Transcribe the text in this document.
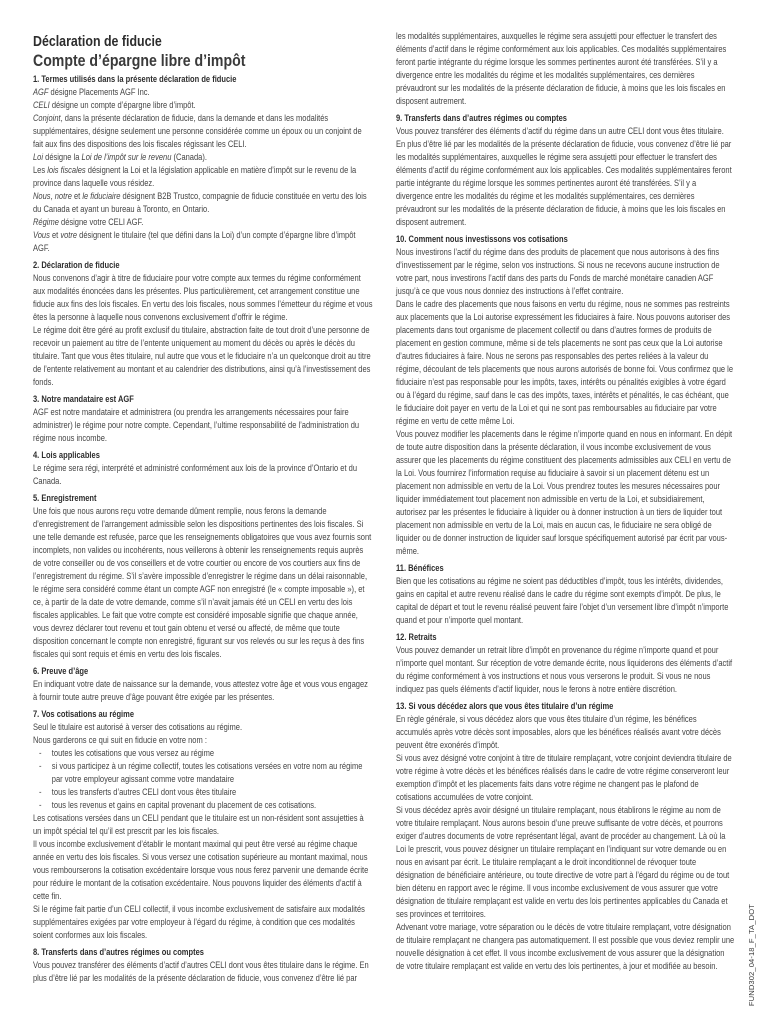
Déclaration de fiducie
Compte d’épargne libre d’impôt
1. Termes utilisés dans la présente déclaration de fiducie

AGF désigne Placements AGF Inc.

CELI désigne un compte d’épargne libre d’impôt.

Conjoint, dans la présente déclaration de fiducie, dans la demande et dans les modalités supplémentaires, désigne seulement une personne considérée comme un époux ou un conjoint de fait aux fins des dispositions des lois fiscales régissant les CELI.

Loi désigne la Loi de l’impôt sur le revenu (Canada).

Les lois fiscales désignent la Loi et la législation applicable en matière d’impôt sur le revenu de la province dans laquelle vous résidez.

Nous, notre et le fiduciaire désignent B2B Trustco, compagnie de fiducie constituée en vertu des lois du Canada et ayant un bureau à Toronto, en Ontario.

Régime désigne votre CELI AGF.

Vous et votre désignent le titulaire (tel que défini dans la Loi) d’un compte d’épargne libre d’impôt AGF.

2. Déclaration de fiducie

Nous convenons d’agir à titre de fiduciaire pour votre compte aux termes du régime conformément aux modalités énoncées dans les présentes. Plus particulièrement, cet arrangement constitue une fiducie aux fins des lois fiscales. En vertu des lois fiscales, nous sommes l’émetteur du régime et vous êtes la personne à laquelle nous convenons exclusivement d’offrir le régime.

Le régime doit être géré au profit exclusif du titulaire, abstraction faite de tout droit d’une personne de recevoir un paiement au titre de l’entente uniquement au moment du décès ou après le décès du titulaire. Tant que vous êtes titulaire, nul autre que vous et le fiduciaire n’a un quelconque droit au titre de l’entente relativement au montant et au calendrier des distributions, ainsi qu’à l’investissement des fonds.

3. Notre mandataire est AGF

AGF est notre mandataire et administrera (ou prendra les arrangements nécessaires pour faire administrer) le régime pour notre compte. Cependant, l’ultime responsabilité de l’administration du régime nous incombe.

4. Lois applicables

Le régime sera régi, interprété et administré conformément aux lois de la province d’Ontario et du Canada.

5. Enregistrement

Une fois que nous aurons reçu votre demande dûment remplie, nous ferons la demande d’enregistrement de l’arrangement admissible selon les dispositions pertinentes des lois fiscales. Si une telle demande est refusée, parce que les renseignements obligatoires que vous avez fournis sont incomplets, non valides ou incohérents, nous veillerons à obtenir les renseignements requis auprès de votre conseiller ou de vos conseillers et de votre courtier ou encore de vos courtiers aux fins de l’enregistrement du régime. S’il s’avère impossible d’enregistrer le régime dans un délai raisonnable, le régime sera considéré comme étant un compte AGF non enregistré (le « compte imposable »), et ce, à partir de la date de votre demande, comme s’il n’avait jamais été un CELI en vertu des lois fiscales applicables. Le fait que votre compte est considéré imposable signifie que chaque année, vous devrez déclarer tout revenu et tout gain obtenu et versé ou affecté, de même que toute disposition concernant le compte non enregistré, figurant sur vos relevés ou sur les reçus à des fins fiscales qui sont requis et émis en vertu des lois fiscales.

6. Preuve d’âge

En indiquant votre date de naissance sur la demande, vous attestez votre âge et vous vous engagez à fournir toute autre preuve d’âge pouvant être exigée par les présentes.

7. Vos cotisations au régime

Seul le titulaire est autorisé à verser des cotisations au régime.

Nous garderons ce qui suit en fiducie en votre nom :

- toutes les cotisations que vous versez au régime
- si vous participez à un régime collectif, toutes les cotisations versées en votre nom au régime par votre employeur agissant comme votre mandataire
- tous les transferts d’autres CELI dont vous êtes titulaire
- tous les revenus et gains en capital provenant du placement de ces cotisations.

Les cotisations versées dans un CELI pendant que le titulaire est un non-résident sont assujetties à un impôt spécial tel qu’il est prescrit par les lois fiscales.

Il vous incombe exclusivement d’établir le montant maximal qui peut être versé au régime chaque année en vertu des lois fiscales. Si vous versez une cotisation supérieure au montant maximal, nous vous rembourserons la cotisation excédentaire lorsque vous nous ferez parvenir une demande écrite pour réduire le montant de la cotisation excédentaire. Nous pouvons liquider des éléments d’actif à cette fin.

Si le régime fait partie d’un CELI collectif, il vous incombe exclusivement de satisfaire aux modalités supplémentaires exigées par votre employeur à l’égard du régime, à condition que ces modalités soient conformes aux lois fiscales.

8. Transferts dans d’autres régimes ou comptes

Vous pouvez transférer des éléments d’actif d’autres CELI dont vous êtes titulaire dans le régime. En plus d’être lié par les modalités de la présente déclaration de fiducie, vous convenez d’être lié par

les modalités supplémentaires, auxquelles le régime sera assujetti pour effectuer le transfert des éléments d’actif dans le régime conformément aux lois applicables. Ces modalités supplémentaires feront partie intégrante du régime lorsque les sommes pertinentes auront été transférées. S’il y a divergence entre les modalités du régime et les modalités supplémentaires, ces dernières prévaudront sur les modalités de la présente déclaration de fiducie, à moins que les lois fiscales en disposent autrement.

9. Transferts dans d’autres régimes ou comptes

Vous pouvez transférer des éléments d’actif du régime dans un autre CELI dont vous êtes titulaire. En plus d’être lié par les modalités de la présente déclaration de fiducie, vous convenez d’être lié par les modalités supplémentaires, auxquelles le régime sera assujetti pour effectuer le transfert des éléments d’actif du régime conformément aux lois applicables. Ces modalités supplémentaires feront partie intégrante du régime lorsque les sommes pertinentes auront été transférées. S’il y a divergence entre les modalités du régime et les modalités supplémentaires, ces dernières prévaudront sur les modalités de la présente déclaration de fiducie, à moins que les lois fiscales en disposent autrement.

10. Comment nous investissons vos cotisations

Nous investirons l’actif du régime dans des produits de placement que nous autorisons à des fins d’investissement par le régime, selon vos instructions. Si nous ne recevons aucune instruction de votre part, nous investirons l’actif dans des parts du Fonds de marché monétaire canadien AGF jusqu’à ce que vous nous donniez des instructions à l’effet contraire.

Dans le cadre des placements que nous faisons en vertu du régime, nous ne sommes pas restreints aux placements que la Loi autorise expressément les fiduciaires à faire. Nous pouvons autoriser des placements dans tout organisme de placement collectif ou dans d’autres formes de produits de placement en gestion commune, même si de tels placements ne sont pas ceux que la Loi autorise d’autres fiduciaires à faire. Nous ne serons pas responsables des pertes reliées à la valeur du régime, découlant de tels placements que nous aurons autorisés de bonne foi. Vous confirmez que le fiduciaire n’est pas responsable pour les impôts, taxes, intérêts ou pénalités exigibles à votre égard ou à l’égard du régime, sauf dans le cas des impôts, taxes, intérêts et pénalités, le cas échéant, que le fiduciaire doit payer en vertu de la Loi et qui ne sont pas remboursables au fiduciaire par votre régime en vertu de cette même Loi.

Vous pouvez modifier les placements dans le régime n’importe quand en nous en informant. En dépit de toute autre disposition dans la présente déclaration, il vous incombe exclusivement de vous assurer que les placements du régime constituent des placements admissibles aux CELI en vertu de la Loi. Vous fournirez l’information requise au fiduciaire à savoir si un placement détenu est un placement non admissible en vertu de la Loi. Vous prendrez toutes les mesures nécessaires pour liquider immédiatement tout placement non admissible en vertu de la Loi, et subsidiairement, autorisez par les présentes le fiduciaire à liquider ou à donner instruction à un tiers de liquider tout placement non admissible en vertu de la Loi, mais en aucun cas, le fiduciaire ne sera obligé de liquider ou de donner instruction de liquider sauf lorsque spécifiquement autorisé par écrit par vous-même.

11. Bénéfices

Bien que les cotisations au régime ne soient pas déductibles d’impôt, tous les intérêts, dividendes, gains en capital et autre revenu réalisé dans le cadre du régime sont exempts d’impôt. De plus, le capital de départ et tout le revenu réalisé peuvent faire l’objet d’un versement libre d’impôt n’importe quand et pour n’importe quel montant.

12. Retraits

Vous pouvez demander un retrait libre d’impôt en provenance du régime n’importe quand et pour n’importe quel montant. Sur réception de votre demande écrite, nous liquiderons des éléments d’actif du régime conformément à vos instructions et nous vous verserons le produit. Si vous ne nous indiquez pas quels éléments d’actif liquider, nous le ferons à notre entière discrétion.

13. Si vous décédez alors que vous êtes titulaire d’un régime

En règle générale, si vous décédez alors que vous êtes titulaire d’un régime, les bénéfices accumulés après votre décès sont imposables, alors que les bénéfices réalisés avant votre décès peuvent être exonérés d’impôt.

Si vous avez désigné votre conjoint à titre de titulaire remplaçant, votre conjoint deviendra titulaire de votre régime à votre décès et les bénéfices réalisés dans le cadre de votre régime conserveront leur exemption d’impôt et les placements faits dans votre régime ne changent pas le plafond de cotisations accumulées de votre conjoint.

Si vous décédez après avoir désigné un titulaire remplaçant, nous établirons le régime au nom de votre titulaire remplaçant. Nous aurons besoin d’une preuve suffisante de votre décès, et pourrons exiger d’autres documents de votre représentant légal, avant de procéder au changement. Là où la Loi le prescrit, vous pouvez désigner un titulaire remplaçant en l’indiquant sur votre demande ou en nous en avisant par écrit. Le titulaire remplaçant a le droit inconditionnel de révoquer toute désignation de bénéficiaire antérieure, ou toute directive de votre part à l’égard du régime ou de tout bien détenu en rapport avec le régime. Il vous incombe exclusivement de vous assurer que votre désignation de titulaire remplaçant est valide en vertu des lois pertinentes applicables du Canada et ses provinces et territoires.

Advenant votre mariage, votre séparation ou le décès de votre titulaire remplaçant, votre désignation de titulaire remplaçant ne changera pas automatiquement. Il est possible que vous deviez remplir une nouvelle désignation à cet effet. Il vous incombe exclusivement de vous assurer que la désignation de votre titulaire remplaçant est valide en vertu des lois pertinentes, à jour et modifiée au besoin.	FUND302_04-18_F_TA_DOT
